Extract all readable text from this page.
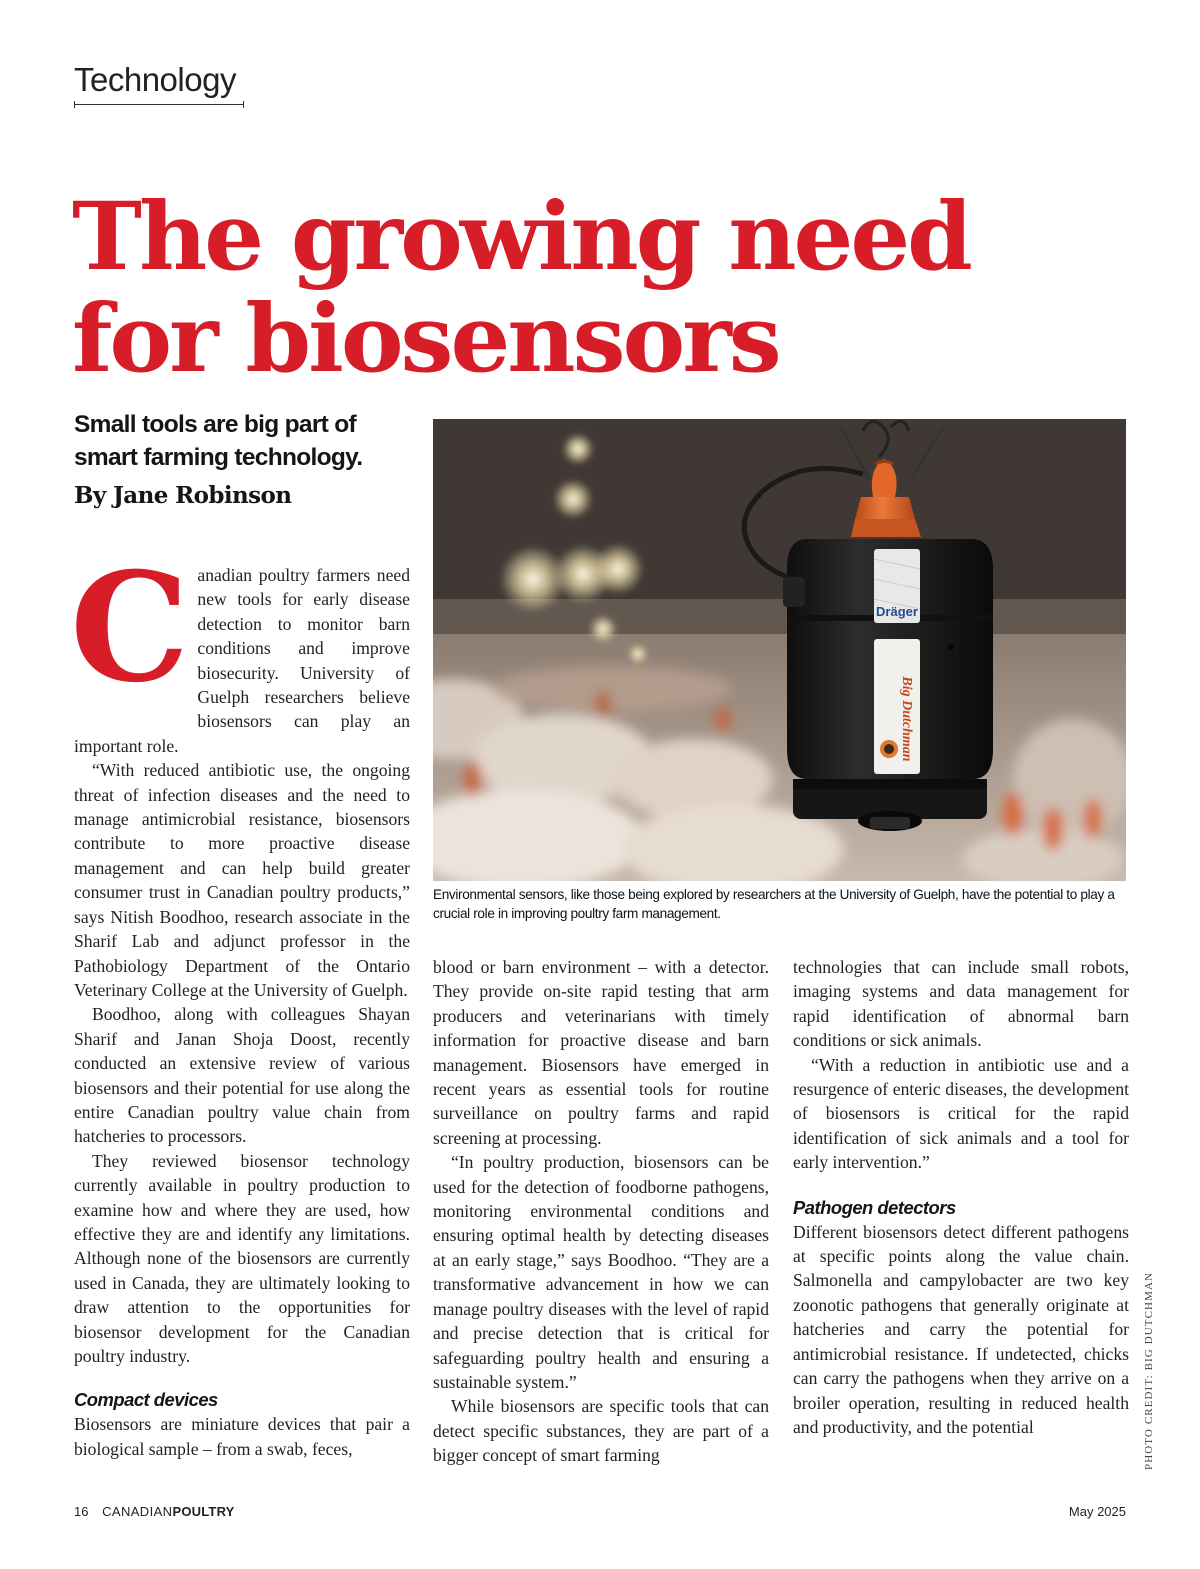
Technology
The growing need
for biosensors
Small tools are big part of smart farming technology.
By Jane Robinson
Dräger
Big Dutchman

Environmental sensors, like those being explored by researchers at the University of Guelph, have the potential to play a crucial role in improving poultry farm management.

Canadian poultry farmers need new tools for early disease detection to monitor barn conditions and improve biosecurity. University of Guelph researchers believe biosensors can play an important role.

“With reduced antibiotic use, the ongoing threat of infection diseases and the need to manage antimicrobial resistance, biosensors contribute to more proactive disease management and can help build greater consumer trust in Canadian poultry products,” says Nitish Boodhoo, research associate in the Sharif Lab and adjunct professor in the Pathobiology Department of the Ontario Veterinary College at the University of Guelph.

Boodhoo, along with colleagues Shayan Sharif and Janan Shoja Doost, recently conducted an extensive review of various biosensors and their potential for use along the entire Canadian poultry value chain from hatcheries to processors.

They reviewed biosensor technology currently available in poultry production to examine how and where they are used, how effective they are and identify any limitations. Although none of the biosensors are currently used in Canada, they are ultimately looking to draw attention to the opportunities for biosensor development for the Canadian poultry industry.

Compact devices

Biosensors are miniature devices that pair a biological sample – from a swab, feces,

blood or barn environment – with a detector. They provide on-site rapid testing that arm producers and veterinarians with timely information for proactive disease and barn management. Biosensors have emerged in recent years as essential tools for routine surveillance on poultry farms and rapid screening at processing.

“In poultry production, biosensors can be used for the detection of foodborne pathogens, monitoring environmental conditions and ensuring optimal health by detecting diseases at an early stage,” says Boodhoo. “They are a transformative advancement in how we can manage poultry diseases with the level of rapid and precise detection that is critical for safeguarding poultry health and ensuring a sustainable system.”

While biosensors are specific tools that can detect specific substances, they are part of a bigger concept of smart farming

technologies that can include small robots, imaging systems and data management for rapid identification of abnormal barn conditions or sick animals.

“With a reduction in antibiotic use and a resurgence of enteric diseases, the development of biosensors is critical for the rapid identification of sick animals and a tool for early intervention.”

Pathogen detectors

Different biosensors detect different pathogens at specific points along the value chain. Salmonella and campylobacter are two key zoonotic pathogens that generally originate at hatcheries and carry the potential for antimicrobial resistance. If undetected, chicks can carry the pathogens when they arrive on a broiler operation, resulting in reduced health and productivity, and the potential	PHOTO CREDIT: BIG DUTCHMAN
16 CANADIANPOULTRY	May 2025
